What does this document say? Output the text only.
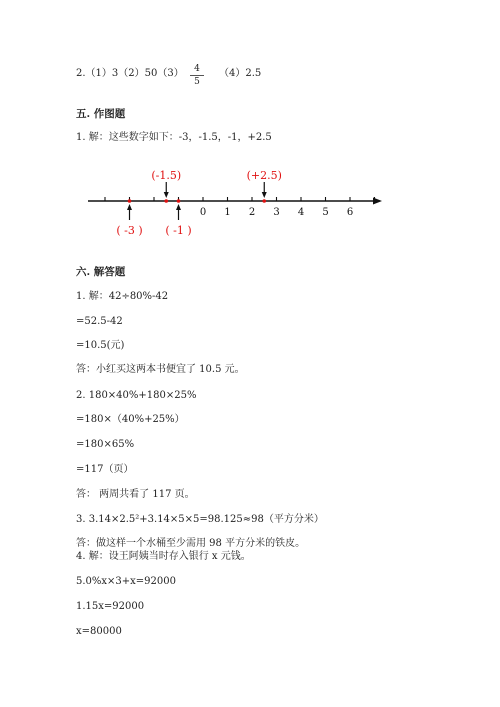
2.（1）3（2）50（3）	4
5
（4）2.5
五. 作图题
1. 解：这些数字如下：-3，-1.5，-1，+2.5
0 1 2 3 4 5 6
(-1.5)	(+2.5)
( -3 ) ( -1 )
六. 解答题
1. 解：42÷80%-42
=52.5-42
=10.5(元)
答：小红买这两本书便宜了 10.5 元。
2. 180×40%+180×25%
=180×（40%+25%）
=180×65%
=117（页）
答： 两周共看了 117 页。
3. 3.14×2.5²+3.14×5×5=98.125≈98（平方分米）
答：做这样一个水桶至少需用 98 平方分米的铁皮。
4. 解：设王阿姨当时存入银行 x 元钱。
5.0%x×3+x=92000
1.15x=92000
x=80000
